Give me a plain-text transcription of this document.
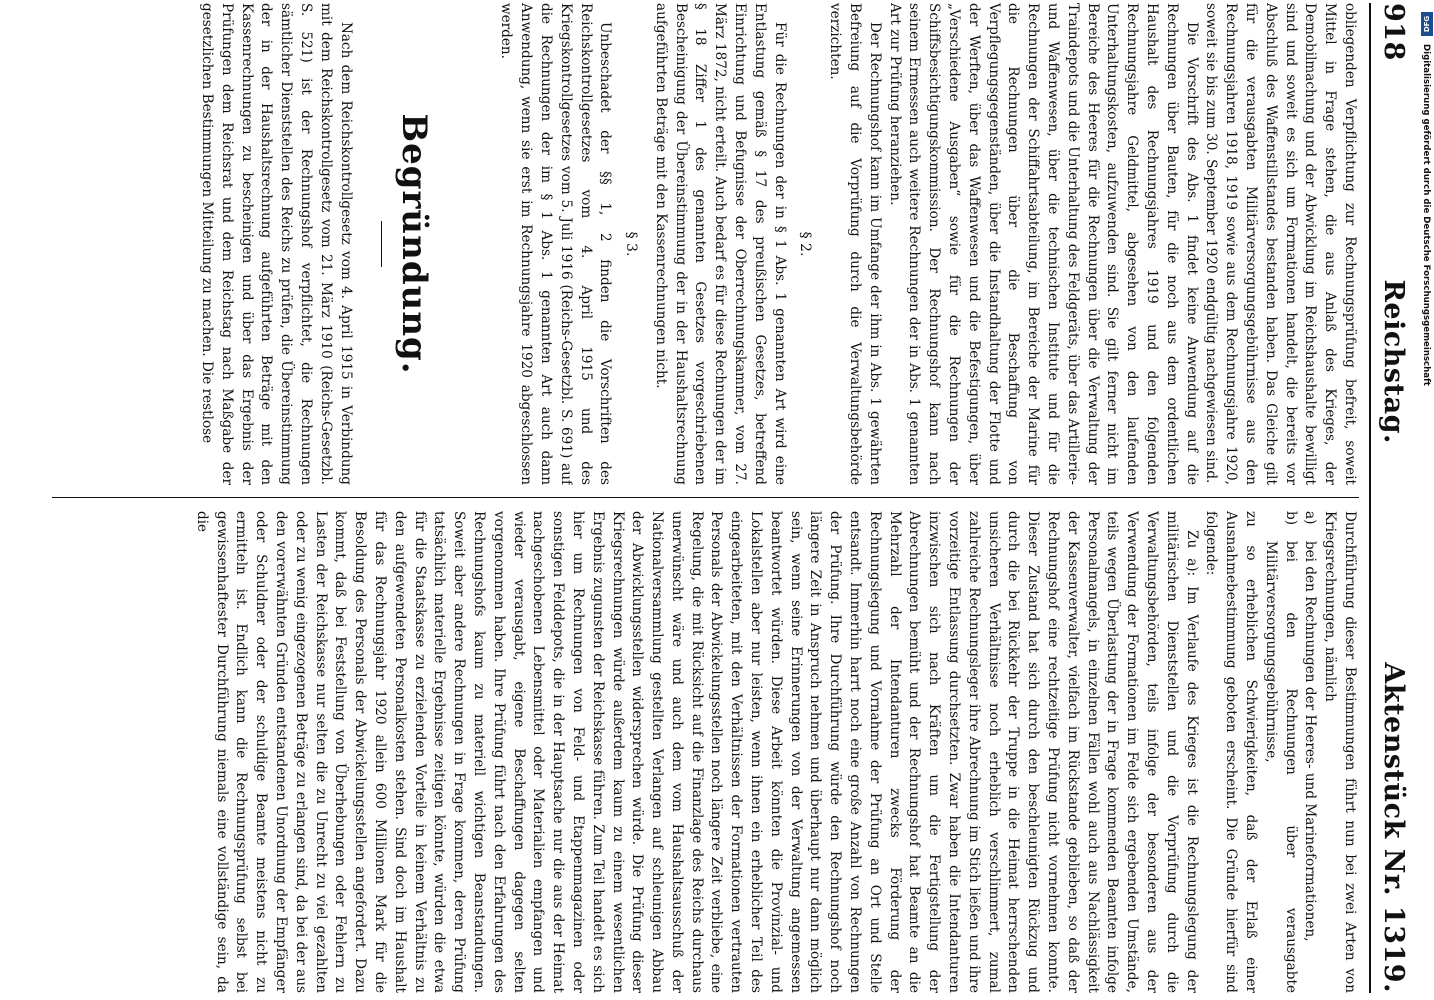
918
Reichstag.
Aktenstück Nr. 1319.

obliegenden Verpflichtung zur Rechnungsprüfung befreit, soweit Mittel in Frage stehen, die aus Anlaß des Krieges, der Demobilmachung und der Abwicklung im Reichshaushalte bewilligt sind und soweit es sich um Formationen handelt, die bereits vor Abschluß des Waffenstillstandes bestanden haben. Das Gleiche gilt für die verausgabten Militärversorgungsgebührnisse aus den Rechnungsjahren 1918, 1919 sowie aus dem Rechnungsjahre 1920, soweit sie bis zum 30. September 1920 endgültig nachgewiesen sind.

Die Vorschrift des Abs. 1 findet keine Anwendung auf die Rechnungen über Bauten, für die noch aus dem ordentlichen Haushalt des Rechnungsjahres 1919 und den folgenden Rechnungsjahre Geldmittel, abgesehen von den laufenden Unterhaltungskosten, aufzuwenden sind. Sie gilt ferner nicht im Bereiche des Heeres für die Rechnungen über die Verwaltung der Traindepots und die Unterhaltung des Feldgeräts, über das Artillerie- und Waffenwesen, über die technischen Institute und für die Rechnungen der Schiffahrtsabteilung, im Bereiche der Marine für die Rechnungen über die Beschaffung von Verpflegungsgegenständen, über die Instandhaltung der Flotte und der Werften, über das Waffenwesen und die Befestigungen, über „Verschiedene Ausgaben“ sowie für die Rechnungen der Schiffsbesichtigungskommission. Der Rechnungshof kann nach seinem Ermessen auch weitere Rechnungen der in Abs. 1 genannten Art zur Prüfung heranziehen.

Der Rechnungshof kann im Umfange der ihm in Abs. 1 gewährten Befreiung auf die Vorprüfung durch die Verwaltungsbehörde verzichten.

§ 2.

Für die Rechnungen der in § 1 Abs. 1 genannten Art wird eine Entlastung gemäß § 17 des preußischen Gesetzes, betreffend Einrichtung und Befugnisse der Oberrechnungskammer, vom 27. März 1872, nicht erteilt. Auch bedarf es für diese Rechnungen der im § 18 Ziffer 1 des genannten Gesetzes vorgeschriebenen Bescheinigung der Übereinstimmung der in der Haushaltsrechnung aufgeführten Beträge mit den Kassenrechnungen nicht.

§ 3.

Unbeschadet der §§ 1, 2 finden die Vorschriften des Reichskontrollgesetzes vom 4. April 1915 und des Kriegskontrollgesetzes vom 5. Juli 1916 (Reichs-Gesetzbl. S. 691) auf die Rechnungen der im § 1 Abs. 1 genannten Art auch dann Anwendung, wenn sie erst im Rechnungsjahre 1920 abgeschlossen werden.

Begründung.

Nach dem Reichskontrollgesetz vom 4. April 1915 in Verbindung mit dem Reichskontrollgesetz vom 21. März 1910 (Reichs-Gesetzbl. S. 521) ist der Rechnungshof verpflichtet, die Rechnungen sämtlicher Dienststellen des Reichs zu prüfen, die Übereinstimmung der in der Haushaltsrechnung aufgeführten Beträge mit den Kassenrechnungen zu bescheinigen und über das Ergebnis der Prüfungen dem Reichsrat und dem Reichstag nach Maßgabe der gesetzlichen Bestimmungen Mitteilung zu machen. Die restlose

Durchführung dieser Bestimmungen führt nun bei zwei Arten von Kriegsrechnungen, nämlich

a)bei den Rechnungen der Heeres- und Marineformationen,

b)bei den Rechnungen über verausgabte Militärversorgungsgebührnisse,

zu so erheblichen Schwierigkeiten, daß der Erlaß einer Ausnahmebestimmung geboten erscheint. Die Gründe hierfür sind folgende:

Zu a): Im Verlaufe des Krieges ist die Rechnungslegung der militärischen Dienststellen und die Vorprüfung durch die Verwaltungsbehörden, teils infolge der besonderen aus der Verwendung der Formationen im Felde sich ergebenden Umstände, teils wegen Überlastung der in Frage kommenden Beamten infolge Personalmangels, in einzelnen Fällen wohl auch aus Nachlässigkeit der Kassenverwalter, vielfach im Rückstande geblieben, so daß der Rechnungshof eine rechtzeitige Prüfung nicht vornehmen konnte. Dieser Zustand hat sich durch den beschleunigten Rückzug und durch die bei Rückkehr der Truppe in die Heimat herrschenden unsicheren Verhältnisse noch erheblich verschlimmert, zumal zahlreiche Rechnungsleger ihre Abrechnung im Stich ließen und ihre vorzeitige Entlassung durchsetzten. Zwar haben die Intendanturen inzwischen sich nach Kräften um die Fertigstellung der Abrechnungen bemüht und der Rechnungshof hat Beamte an die Mehrzahl der Intendanturen zwecks Förderung der Rechnungslegung und Vornahme der Prüfung an Ort und Stelle entsandt. Immerhin harrt noch eine große Anzahl von Rechnungen der Prüfung. Ihre Durchführung würde den Rechnungshof noch längere Zeit in Anspruch nehmen und überhaupt nur dann möglich sein, wenn seine Erinnerungen von der Verwaltung angemessen beantwortet würden. Diese Arbeit könnten die Provinzial- und Lokalstellen aber nur leisten, wenn ihnen ein erheblicher Teil des eingearbeiteten, mit den Verhältnissen der Formationen vertrauten Personals der Abwickelungsstellen noch längere Zeit verbliebe, eine Regelung, die mit Rücksicht auf die Finanzlage des Reichs durchaus unerwünscht wäre und auch dem vom Haushaltsausschuß der Nationalversammlung gestellten Verlangen auf schleunigen Abbau der Abwicklungsstellen widersprechen würde. Die Prüfung dieser Kriegsrechnungen würde außerdem kaum zu einem wesentlichen Ergebnis zugunsten der Reichskasse führen. Zum Teil handelt es sich hier um Rechnungen von Feld- und Etappenmagazinen oder sonstigen Felddepots, die in der Hauptsache nur die aus der Heimat nachgeschobenen Lebensmittel oder Materialien empfangen und wieder verausgabt, eigene Beschaffungen dagegen selten vorgenommen haben. Ihre Prüfung führt nach den Erfahrungen des Rechnungshofs kaum zu materiell wichtigen Beanstandungen. Soweit aber andere Rechnungen in Frage kommen, deren Prüfung tatsächlich materielle Ergebnisse zeitigen könnte, würden die etwa für die Staatskasse zu erzielenden Vorteile in keinem Verhältnis zu den aufgewendeten Personalkosten stehen. Sind doch im Haushalt für das Rechnungsjahr 1920 allein 600 Millionen Mark für die Besoldung des Personals der Abwickelungsstellen angefordert. Dazu kommt, daß bei Feststellung von Überhebungen oder Fehlern zu Lasten der Reichskasse nur selten die zu Unrecht zu viel gezahlten oder zu wenig eingezogenen Beträge zu erlangen sind, da bei der aus den vorerwähnten Gründen entstandenen Unordnung der Empfänger oder Schuldner oder der schuldige Beamte meistens nicht zu ermitteln ist. Endlich kann die Rechnungsprüfung selbst bei gewissenhaftester Durchführung niemals eine vollständige sein, da die

DFG
Digitalisierung gefördert durch die Deutsche Forschungsgemeinschaft
